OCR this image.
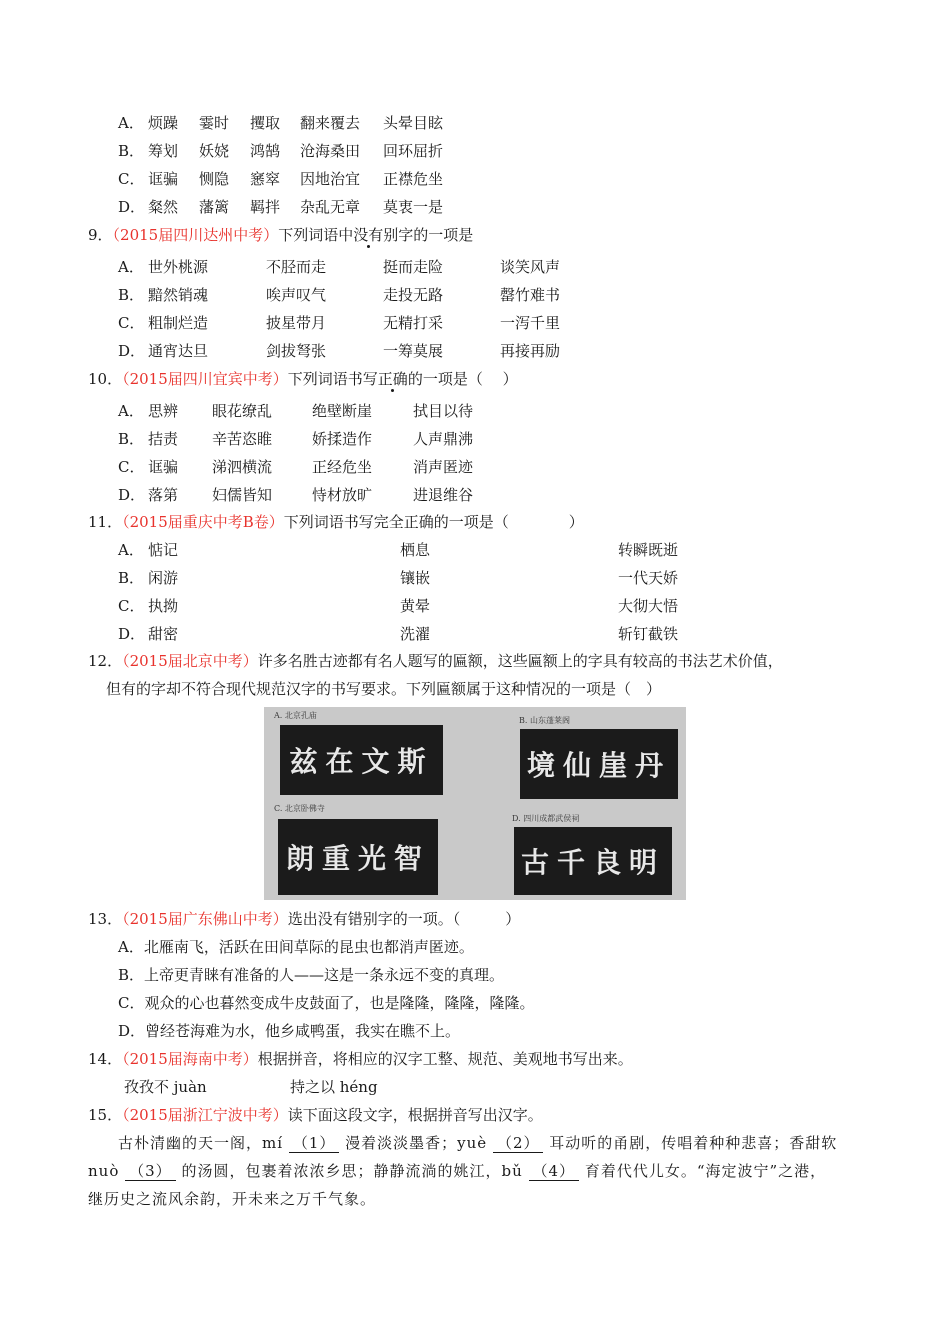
A． 烦躁 霎时 攫取 翻来覆去 头晕目眩
B． 筹划 妖娆 鸿鹄 沧海桑田 回环屈折
C． 诓骗 恻隐 窸窣 因地治宜 正襟危坐
D． 粲然 藩篱 羁拌 杂乱无章 莫衷一是
9．（2015届四川达州中考）下列词语中没有别字的一项是
A． 世外桃源	不胫而走	挺而走险	谈笑风声
B． 黯然销魂	唉声叹气	走投无路	罄竹难书
C． 粗制烂造	披星带月	无精打采	一泻千里
D． 通宵达旦	剑拔弩张	一筹莫展	再接再励
10．（2015届四川宜宾中考）下列词语书写正确的一项是（　 ）
A． 思辨 眼花缭乱	绝壁断崖	拭目以待
B． 拮责 辛苦恣睢	娇揉造作	人声鼎沸
C． 诓骗 涕泗横流	正经危坐	消声匿迹
D． 落第 妇儒皆知	恃材放旷	进退维谷
11．（2015届重庆中考B卷）下列词语书写完全正确的一项是（　　　　）
A． 惦记	栖息	转瞬既逝
B． 闲游	镶嵌	一代天娇
C． 执拗	黄晕	大彻大悟
D． 甜密	洗濯	斩钉截铁
12．（2015届北京中考）许多名胜古迹都有名人题写的匾额，这些匾额上的字具有较高的书法艺术价值，
但有的字却不符合现代规范汉字的书写要求。下列匾额属于这种情况的一项是（　）
A. 北京孔庙
斯文在兹
B. 山东蓬莱阁
丹崖仙境
C. 北京卧佛寺
智光重朗
D. 四川成都武侯祠
明良千古
13．（2015届广东佛山中考）选出没有错别字的一项。（　　　）
A．北雁南飞，活跃在田间草际的昆虫也都消声匿迹。
B．上帝更青睐有准备的人——这是一条永远不变的真理。
C．观众的心也暮然变成牛皮鼓面了，也是隆隆，隆隆，隆隆。
D．曾经苍海难为水，他乡咸鸭蛋，我实在瞧不上。
14．（2015届海南中考）根据拼音，将相应的汉字工整、规范、美观地书写出来。
孜孜不 juàn	持之以 héng
15．（2015届浙江宁波中考）读下面这段文字，根据拼音写出汉字。
古朴清幽的天一阁，mí （1） 漫着淡淡墨香；yuè （2） 耳动听的甬剧，传唱着种种悲喜；香甜软
nuò （3） 的汤圆，包裹着浓浓乡思；静静流淌的姚江，bǔ （4） 育着代代儿女。“海定波宁”之港，
继历史之流风余韵，开未来之万千气象。
